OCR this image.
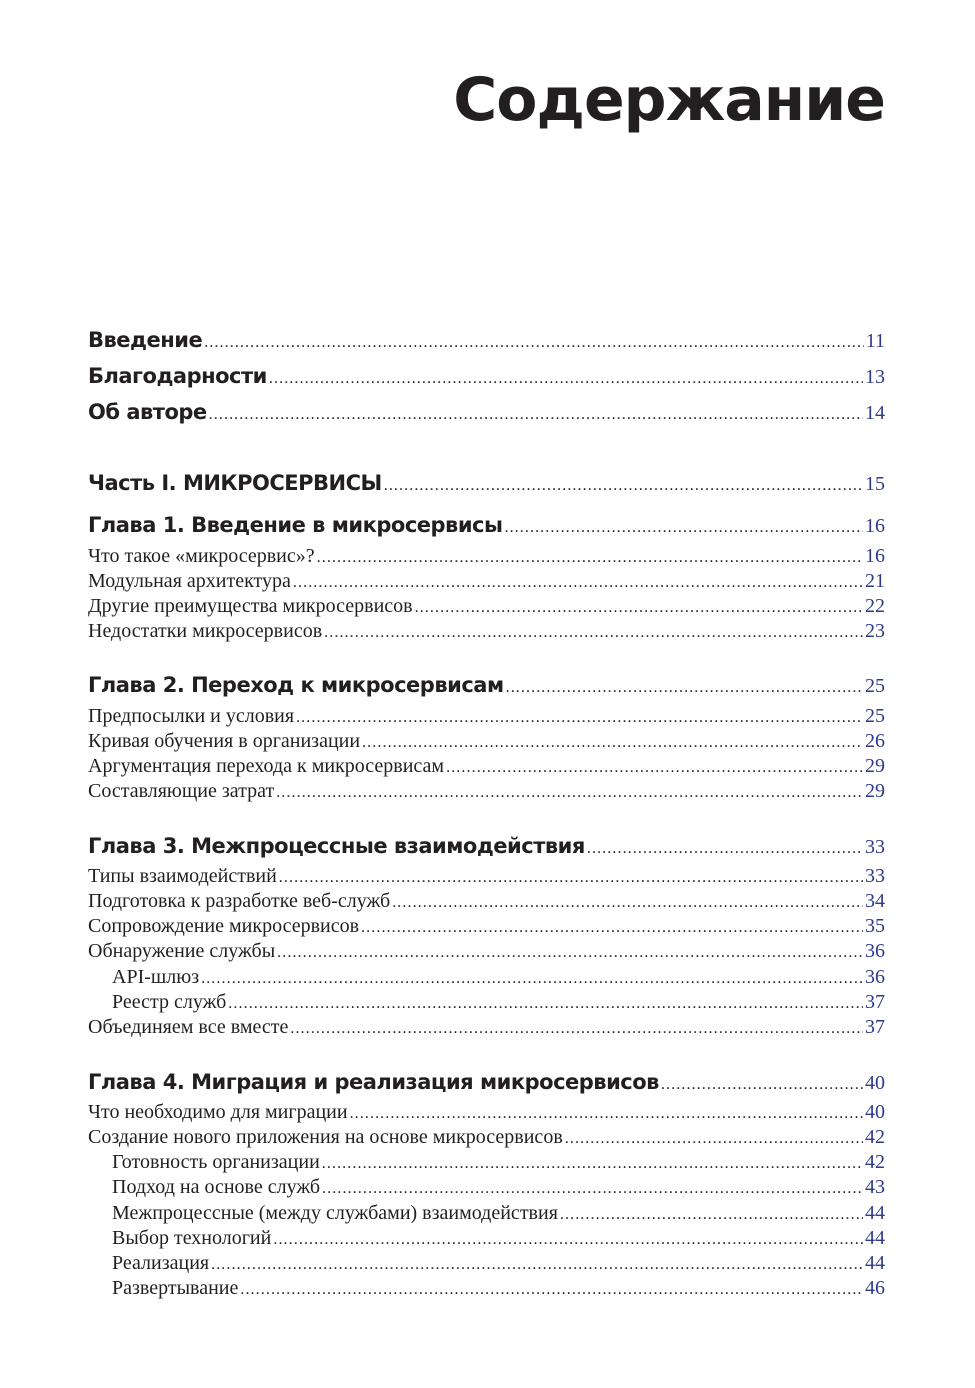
Содержание
Введение .....	11
Благодарности .....	13
Об авторе .....	14
Часть I. МИКРОСЕРВИСЫ .....	15
Глава 1. Введение в микросервисы .....	16
Что такое «микросервис»? .....	16
Модульная архитектура .....	21
Другие преимущества микросервисов .....	22
Недостатки микросервисов .....	23
Глава 2. Переход к микросервисам .....	25
Предпосылки и условия .....	25
Кривая обучения в организации .....	26
Аргументация перехода к микросервисам .....	29
Составляющие затрат .....	29
Глава 3. Межпроцессные взаимодействия .....	33
Типы взаимодействий .....	33
Подготовка к разработке веб-служб .....	34
Сопровождение микросервисов .....	35
Обнаружение службы .....	36
API-шлюз .....	36
Реестр служб .....	37
Объединяем все вместе .....	37
Глава 4. Миграция и реализация микросервисов .....	40
Что необходимо для миграции .....	40
Создание нового приложения на основе микросервисов .....	42
Готовность организации .....	42
Подход на основе служб .....	43
Межпроцессные (между службами) взаимодействия .....	44
Выбор технологий .....	44
Реализация .....	44
Развертывание .....	46
